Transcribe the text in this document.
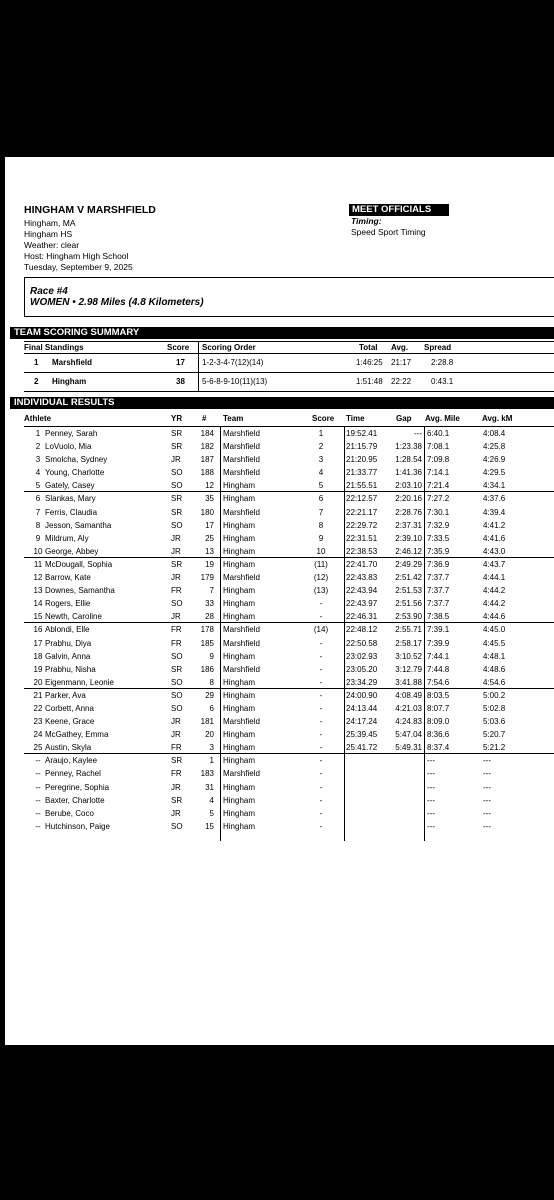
HINGHAM V MARSHFIELD
Hingham, MA
Hingham HS
Weather: clear
Host: Hingham High School
Tuesday, September 9, 2025
MEET OFFICIALS
Timing:
Speed Sport Timing
Race #4
WOMEN • 2.98 Miles (4.8 Kilometers)
TEAM SCORING SUMMARY
Final Standings	Score Scoring Order	Total Avg. Spread
1 Marshfield	17 1-2-3-4-7(12)(14)	1:46:25 21:17 2:28.8
2 Hingham	38 5-6-8-9-10(11)(13)	1:51:48 22:22 0:43.1
INDIVIDUAL RESULTS
Athlete	YR # Team	Score Time	Gap Avg. Mile	Avg. kM
1 Penney, Sarah	SR	184 Marshfield	1	19:52.41	--- 6:40.1	4:08.4
2 LoVuolo, Mia	SR	182 Marshfield	2	21:15.79	1:23.38 7:08.1	4:25.8
3 Smolcha, Sydney	JR	187 Marshfield	3	21:20.95	1:28.54 7:09.8	4:26.9
4 Young, Charlotte	SO	188 Marshfield	4	21:33.77	1:41.36 7:14.1	4:29.5
5 Gately, Casey	SO	12 Hingham	5	21:55.51	2:03.10 7:21.4	4:34.1
6 Slankas, Mary	SR	35 Hingham	6	22:12.57	2:20.16 7:27.2	4:37.6
7 Ferris, Claudia	SR	180 Marshfield	7	22:21.17	2:28.76 7:30.1	4:39.4
8 Jesson, Samantha	SO	17 Hingham	8	22:29.72	2:37.31 7:32.9	4:41.2
9 Mildrum, Aly	JR	25 Hingham	9	22:31.51	2:39.10 7:33.5	4:41.6
10 George, Abbey	JR	13 Hingham	10	22:38.53	2:46.12 7:35.9	4:43.0
11 McDougall, Sophia	SR	19 Hingham	(11)	22:41.70	2:49.29 7:36.9	4:43.7
12 Barrow, Kate	JR	179 Marshfield	(12)	22:43.83	2:51.42 7:37.7	4:44.1
13 Downes, Samantha	FR	7 Hingham	(13)	22:43.94	2:51.53 7:37.7	4:44.2
14 Rogers, Ellie	SO	33 Hingham	-	22:43.97	2:51.56 7:37.7	4:44.2
15 Newth, Caroline	JR	28 Hingham	-	22:46.31	2:53.90 7:38.5	4:44.6
16 Ablondi, Elle	FR	178 Marshfield	(14)	22:48.12	2:55.71 7:39.1	4:45.0
17 Prabhu, Diya	FR	185 Marshfield	-	22:50.58	2:58.17 7:39.9	4:45.5
18 Galvin, Anna	SO	9 Hingham	-	23:02.93	3:10.52 7:44.1	4:48.1
19 Prabhu, Nisha	SR	186 Marshfield	-	23:05.20	3:12.79 7:44.8	4:48.6
20 Eigenmann, Leonie	SO	8 Hingham	-	23:34.29	3:41.88 7:54.6	4:54.6
21 Parker, Ava	SO	29 Hingham	-	24:00.90	4:08.49 8:03.5	5:00.2
22 Corbett, Anna	SO	6 Hingham	-	24:13.44	4:21.03 8:07.7	5:02.8
23 Keene, Grace	JR	181 Marshfield	-	24:17.24	4:24.83 8:09.0	5:03.6
24 McGathey, Emma	JR	20 Hingham	-	25:39.45	5:47.04 8:36.6	5:20.7
25 Austin, Skyla	FR	3 Hingham	-	25:41.72	5:49.31 8:37.4	5:21.2
-- Araujo, Kaylee	SR	1 Hingham	-	---	---
-- Penney, Rachel	FR	183 Marshfield	-	---	---
-- Peregrine, Sophia	JR	31 Hingham	-	---	---
-- Baxter, Charlotte	SR	4 Hingham	-	---	---
-- Berube, Coco	JR	5 Hingham	-	---	---
-- Hutchinson, Paige	SO	15 Hingham	-	---	---
